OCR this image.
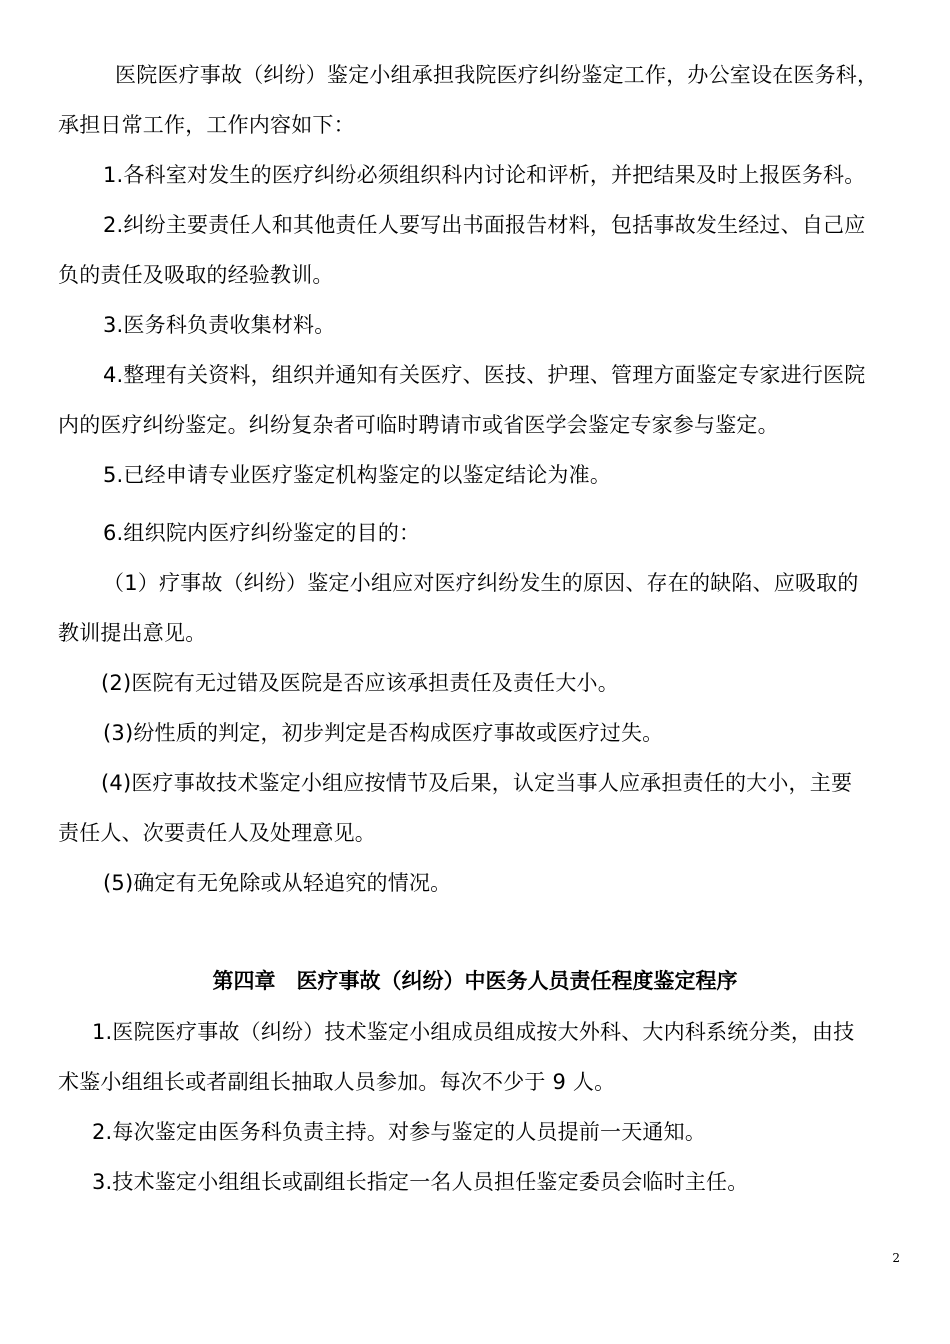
医院医疗事故（纠纷）鉴定小组承担我院医疗纠纷鉴定工作，办公室设在医务科，
承担日常工作，工作内容如下：
1.各科室对发生的医疗纠纷必须组织科内讨论和评析，并把结果及时上报医务科。
2.纠纷主要责任人和其他责任人要写出书面报告材料，包括事故发生经过、自己应
负的责任及吸取的经验教训。
3.医务科负责收集材料。
4.整理有关资料，组织并通知有关医疗、医技、护理、管理方面鉴定专家进行医院
内的医疗纠纷鉴定。纠纷复杂者可临时聘请市或省医学会鉴定专家参与鉴定。
5.已经申请专业医疗鉴定机构鉴定的以鉴定结论为准。
6.组织院内医疗纠纷鉴定的目的：
（1）疗事故（纠纷）鉴定小组应对医疗纠纷发生的原因、存在的缺陷、应吸取的
教训提出意见。
(2)医院有无过错及医院是否应该承担责任及责任大小。
(3)纷性质的判定，初步判定是否构成医疗事故或医疗过失。
(4)医疗事故技术鉴定小组应按情节及后果，认定当事人应承担责任的大小，主要
责任人、次要责任人及处理意见。
(5)确定有无免除或从轻追究的情况。
第四章　医疗事故（纠纷）中医务人员责任程度鉴定程序
1.医院医疗事故（纠纷）技术鉴定小组成员组成按大外科、大内科系统分类，由技
术鉴小组组长或者副组长抽取人员参加。每次不少于 9 人。
2.每次鉴定由医务科负责主持。对参与鉴定的人员提前一天通知。
3.技术鉴定小组组长或副组长指定一名人员担任鉴定委员会临时主任。
2
